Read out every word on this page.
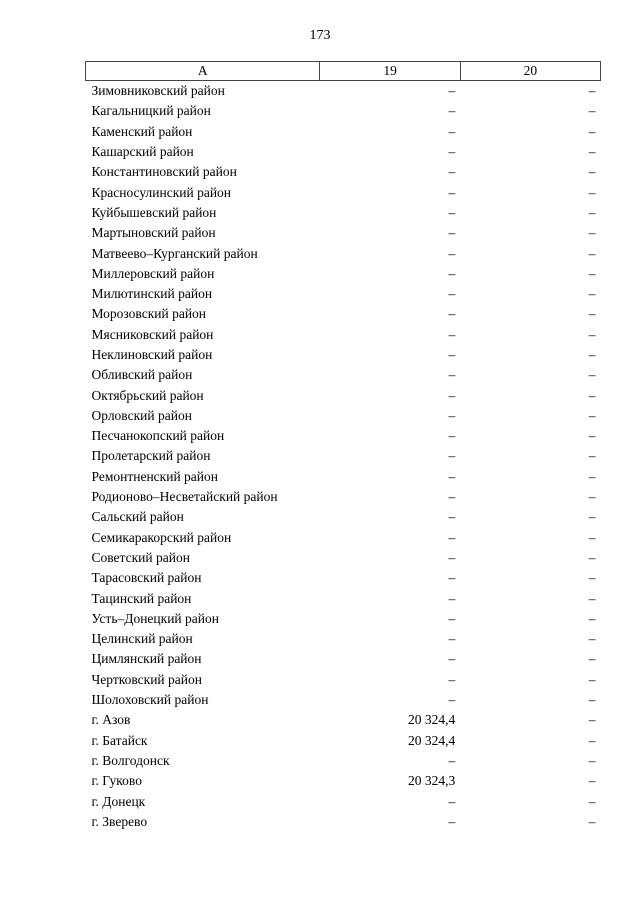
173
А	19	20
Зимовниковский район	–	–
Кагальницкий район	–	–
Каменский район	–	–
Кашарский район	–	–
Константиновский район	–	–
Красносулинский район	–	–
Куйбышевский район	–	–
Мартыновский район	–	–
Матвеево–Курганский район	–	–
Миллеровский район	–	–
Милютинский район	–	–
Морозовский район	–	–
Мясниковский район	–	–
Неклиновский район	–	–
Обливский район	–	–
Октябрьский район	–	–
Орловский район	–	–
Песчанокопский район	–	–
Пролетарский район	–	–
Ремонтненский район	–	–
Родионово–Несветайский район	–	–
Сальский район	–	–
Семикаракорский район	–	–
Советский район	–	–
Тарасовский район	–	–
Тацинский район	–	–
Усть–Донецкий район	–	–
Целинский район	–	–
Цимлянский район	–	–
Чертковский район	–	–
Шолоховский район	–	–
г. Азов	20 324,4	–
г. Батайск	20 324,4	–
г. Волгодонск	–	–
г. Гуково	20 324,3	–
г. Донецк	–	–
г. Зверево	–	–
